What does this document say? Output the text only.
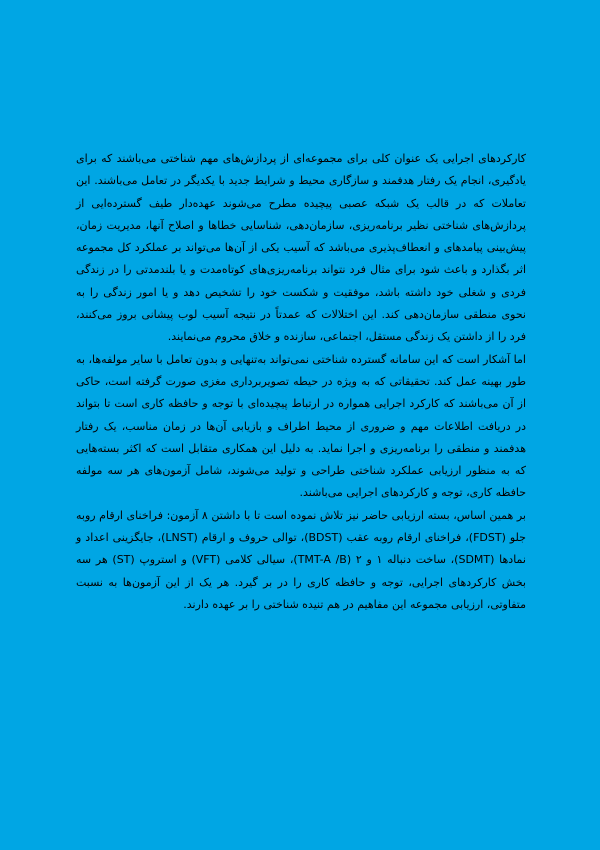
کارکردهای اجرایی یک عنوان کلی برای مجموعه‌ای از پردازش‌های مهم شناختی می‌باشند که برای یادگیری، انجام یک رفتار هدفمند و سازگاری محیط و شرایط جدید با یکدیگر در تعامل می‌باشند. این تعاملات که در قالب یک شبکه عصبی پیچیده مطرح می‌شوند عهده‌دار طیف گسترده‌ایی از پردازش‌های شناختی نظیر برنامه‌ریزی، سازمان‌دهی، شناسایی خطاها و اصلاح آنها، مدیریت زمان، پیش‌بینی پیامدهای و انعطاف‌پذیری می‌باشد که آسیب یکی از آن‌ها می‌تواند بر عملکرد کل مجموعه اثر بگذارد و باعث شود برای مثال فرد نتواند برنامه‌ریزی‌های کوتاه‌مدت و یا بلندمدتی را در زندگی فردی و شغلی خود داشته باشد، موفقیت و شکست خود را تشخیص دهد و یا امور زندگی را به نحوی منطقی سازمان‌دهی کند. این اختلالات که عمدتاً در نتیجه آسیب لوب پیشانی بروز می‌کنند، فرد را از داشتن یک زندگی مستقل، اجتماعی، سازنده و خلاق محروم می‌نمایند.

اما آشکار است که این سامانه گسترده شناختی نمی‌تواند به‌تنهایی و بدون تعامل با سایر مولفه‌ها، به طور بهینه عمل کند. تحقیقاتی که به ویژه در حیطه تصویربرداری مغزی صورت گرفته است، حاکی از آن می‌باشند که کارکرد اجرایی همواره در ارتباط پیچیده‌ای با توجه و حافظه کاری است تا بتواند در دریافت اطلاعات مهم و ضروری از محیط اطراف و بازیابی آن‌ها در زمان مناسب، یک رفتار هدفمند و منطقی را برنامه‌ریزی و اجرا نماید. به دلیل این همکاری متقابل است که اکثر بسته‌هایی که به منظور ارزیابی عملکرد شناختی طراحی و تولید می‌شوند، شامل آزمون‌های هر سه مولفه حافظه کاری، توجه و کارکردهای اجرایی می‌باشند.

بر همین اساس، بسته ارزیابی حاضر نیز تلاش نموده است تا با داشتن ۸ آزمون: فراخنای ارقام روبه جلو (FDST)، فراخنای ارقام روبه عقب (BDST)، توالی حروف و ارقام (LNST)، جایگزینی اعداد و نمادها (SDMT)، ساخت دنباله ۱ و ۲ (TMT-A /B)، سیالی کلامی (VFT) و استروپ (ST) هر سه بخش کارکردهای اجرایی، توجه و حافظه کاری را در بر گیرد. هر یک از این آزمون‌ها به نسبت متفاوتی، ارزیابی مجموعه این مفاهیم در هم تنیده شناختی را بر عهده دارند.
